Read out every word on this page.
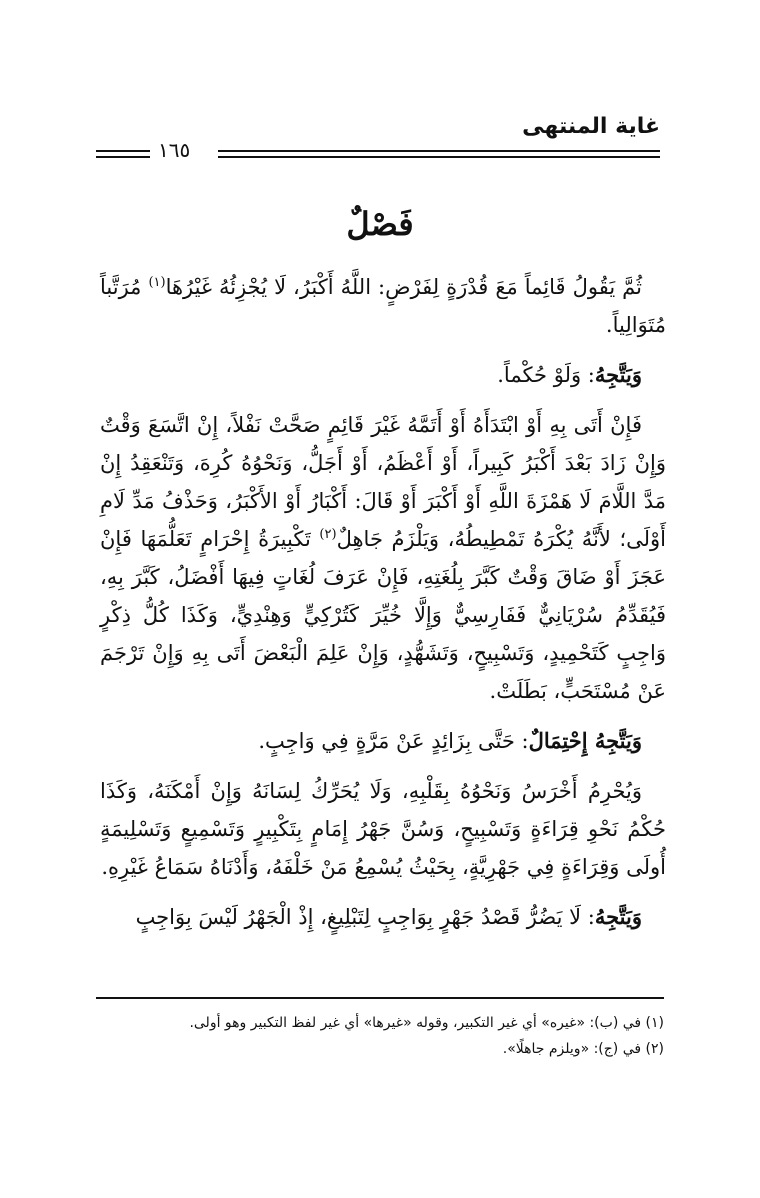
غاية المنتهى
١٦٥
فَصْلٌ

ثُمَّ يَقُولُ قَائِماً مَعَ قُدْرَةٍ لِفَرْضٍ: اللَّهُ أَكْبَرُ، لَا يُجْزِئُهُ غَيْرُهَا$^{(١)}$ مُرَتَّباً مُتَوَالِياً.

وَيَتَّجِهُ: وَلَوْ حُكْماً.

فَإِنْ أَتَى بِهِ أَوْ ابْتَدَأَهُ أَوْ أَتَمَّهُ غَيْرَ قَائِمٍ صَحَّتْ نَفْلاً، إِنْ اتَّسَعَ وَقْتٌ وَإِنْ زَادَ بَعْدَ أَكْبَرُ كَبِيراً، أَوْ أَعْظَمُ، أَوْ أَجَلُّ، وَنَحْوُهُ كُرِهَ، وَتَنْعَقِدُ إِنْ مَدَّ اللَّامَ لَا هَمْزَةَ اللَّهِ أَوْ أَكْبَرَ أَوْ قَالَ: أَكْبَارُ أَوْ الأَكْبَرُ، وَحَذْفُ مَدِّ لَامِ أَوْلَى؛ لأَنَّهُ يُكْرَهُ تَمْطِيطُهُ، وَيَلْزَمُ جَاهِلٌ$^{(٢)}$ تَكْبِيرَةُ إِحْرَامٍ تَعَلُّمَهَا فَإِنْ عَجَزَ أَوْ ضَاقَ وَقْتٌ كَبَّرَ بِلُغَتِهِ، فَإِنْ عَرَفَ لُغَاتٍ فِيهَا أَفْضَلُ، كَبَّرَ بِهِ، فَيُقَدِّمُ سُرْيَانِيٌّ فَفَارِسِيٌّ وَإِلَّا خُيِّرَ كَتُرْكِيٍّ وَهِنْدِيٍّ، وَكَذَا كُلُّ ذِكْرٍ وَاجِبٍ كَتَحْمِيدٍ، وَتَسْبِيحٍ، وَتَشَهُّدٍ، وَإِنْ عَلِمَ الْبَعْضَ أَتَى بِهِ وَإِنْ تَرْجَمَ عَنْ مُسْتَحَبٍّ، بَطَلَتْ.

وَيَتَّجِهُ إِحْتِمَالٌ: حَتَّى بِزَائِدٍ عَنْ مَرَّةٍ فِي وَاجِبٍ.

وَيُحْرِمُ أَخْرَسُ وَنَحْوُهُ بِقَلْبِهِ، وَلَا يُحَرِّكُ لِسَانَهُ وَإِنْ أَمْكَنَهُ، وَكَذَا حُكْمُ نَحْوِ قِرَاءَةٍ وَتَسْبِيحٍ، وَسُنَّ جَهْرُ إِمَامٍ بِتَكْبِيرٍ وَتَسْمِيعٍ وَتَسْلِيمَةٍ أُولَى وَقِرَاءَةٍ فِي جَهْرِيَّةٍ، بِحَيْثُ يُسْمِعُ مَنْ خَلْفَهُ، وَأَدْنَاهُ سَمَاعُ غَيْرِهِ.

وَيَتَّجِهُ: لَا يَضُرُّ قَصْدُ جَهْرٍ بِوَاجِبٍ لِتَبْلِيغٍ، إِذْ الْجَهْرُ لَيْسَ بِوَاجِبٍ

(١) في (ب): «غيره» أي غير التكبير، وقوله «غيرها» أي غير لفظ التكبير وهو أولى.

(٢) في (ج): «ويلزم جاهلًا».
